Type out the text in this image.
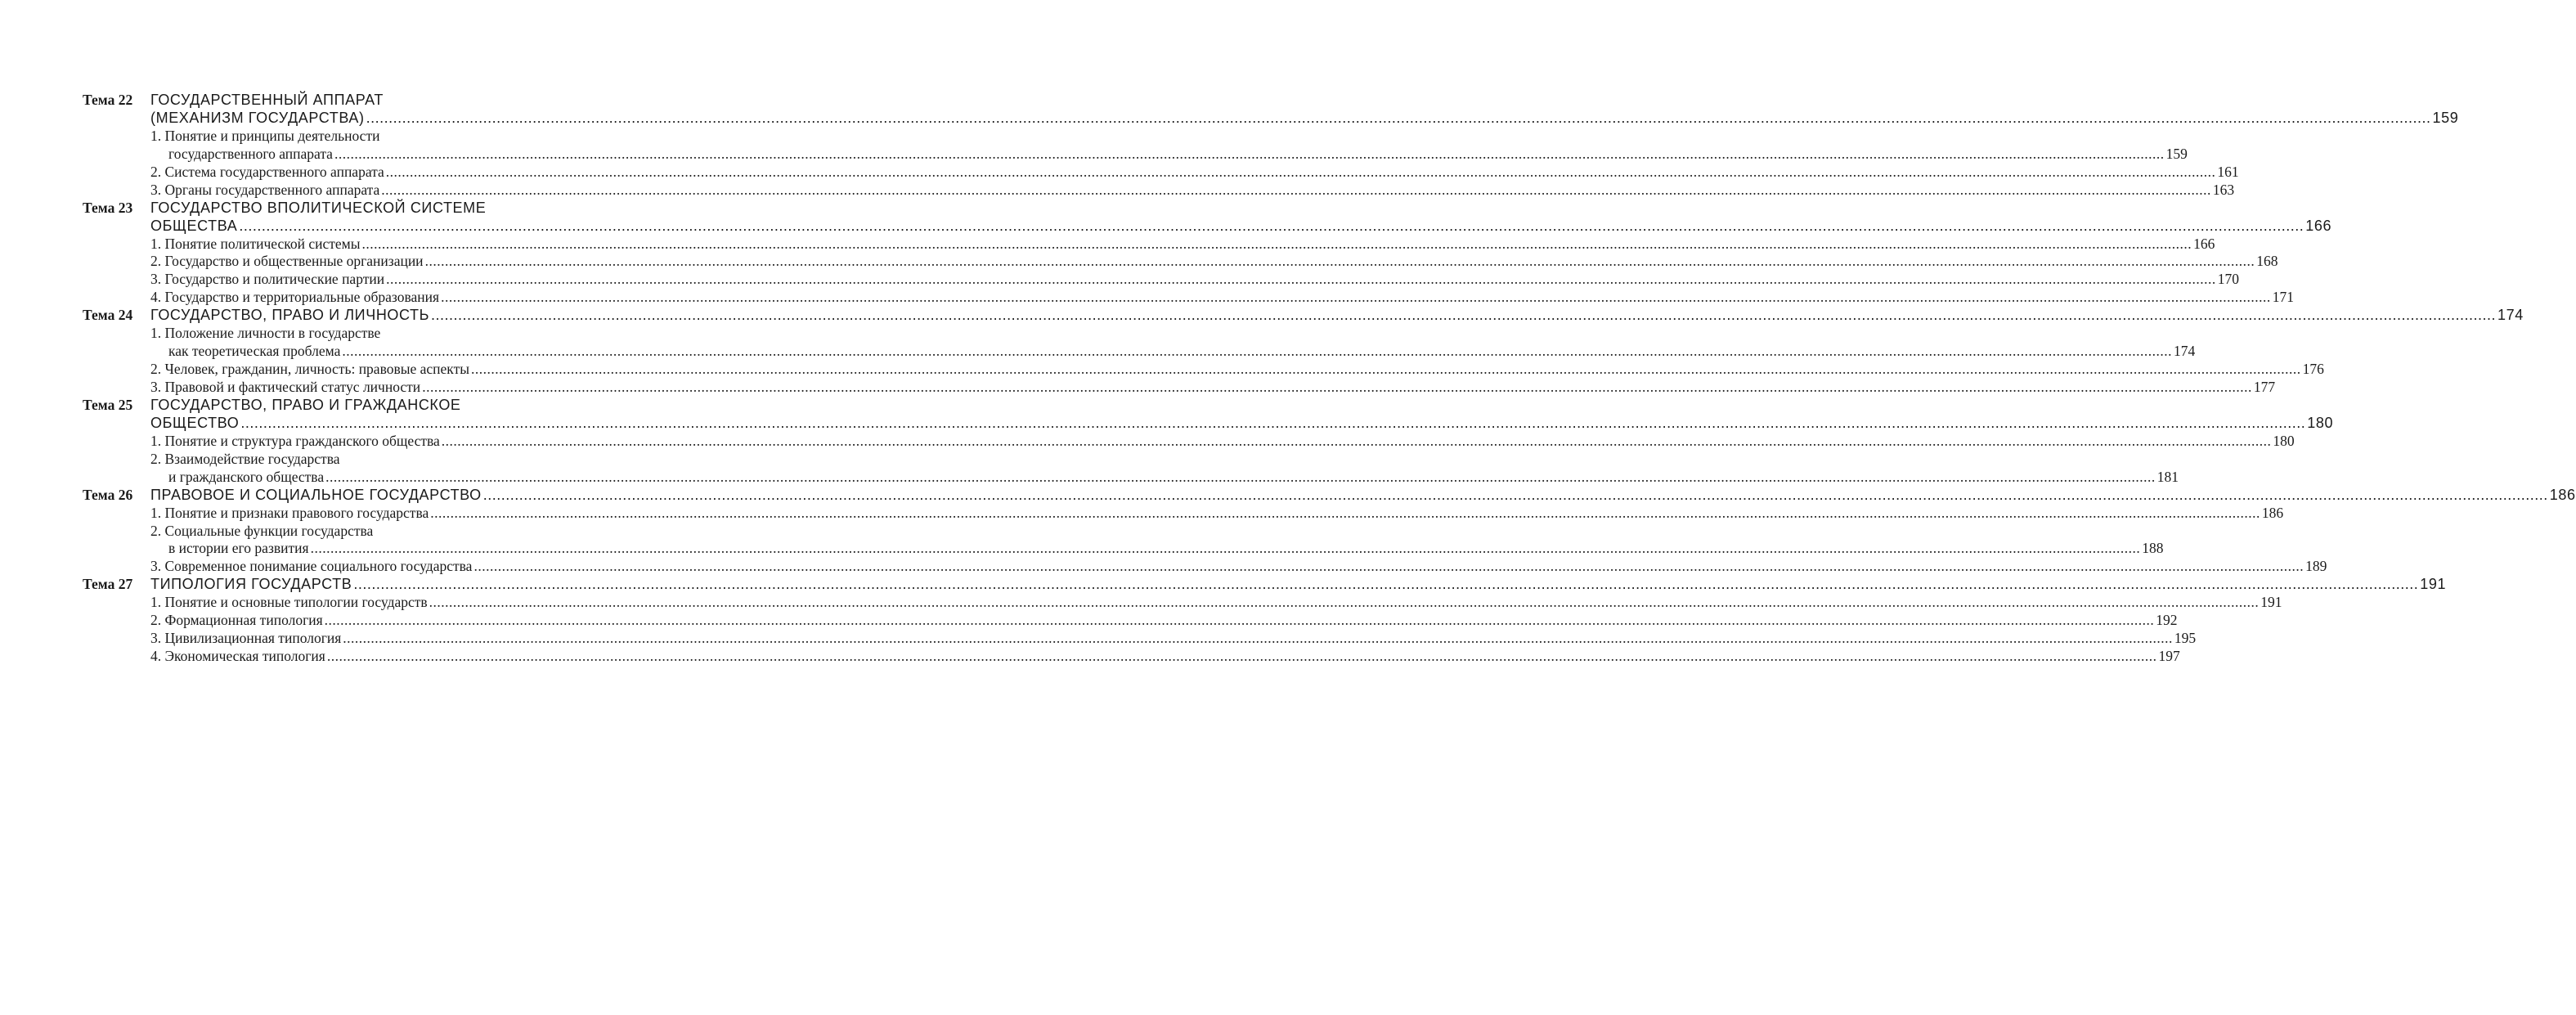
Тема 22	ГОСУДАРСТВЕННЫЙ АППАРАТ
(МЕХАНИЗМ ГОСУДАРСТВА) .....	159
1. Понятие и принципы деятельности
государственного аппарата .....	159
2. Система государственного аппарата .....	161
3. Органы государственного аппарата .....	163
Тема 23	ГОСУДАРСТВО ВПОЛИТИЧЕСКОЙ СИСТЕМЕ
ОБЩЕСТВА .....	166
1. Понятие политической системы .....	166
2. Государство и общественные организации .....	168
3. Государство и политические партии .....	170
4. Государство и территориальные образования .....	171
Тема 24	ГОСУДАРСТВО, ПРАВО И ЛИЧНОСТЬ .....	174
1. Положение личности в государстве
как теоретическая проблема .....	174
2. Человек, гражданин, личность: правовые аспекты .....	176
3. Правовой и фактический статус личности .....	177
Тема 25	ГОСУДАРСТВО, ПРАВО И ГРАЖДАНСКОЕ
ОБЩЕСТВО .....	180
1. Понятие и структура гражданского общества .....	180
2. Взаимодействие государства
и гражданского общества .....	181
Тема 26	ПРАВОВОЕ И СОЦИАЛЬНОЕ ГОСУДАРСТВО .....	186
1. Понятие и признаки правового государства .....	186
2. Социальные функции государства
в истории его развития .....	188
3. Современное понимание социального государства .....	189
Тема 27	ТИПОЛОГИЯ ГОСУДАРСТВ .....	191
1. Понятие и основные типологии государств .....	191
2. Формационная типология .....	192
3. Цивилизационная типология .....	195
4. Экономическая типология .....	197
